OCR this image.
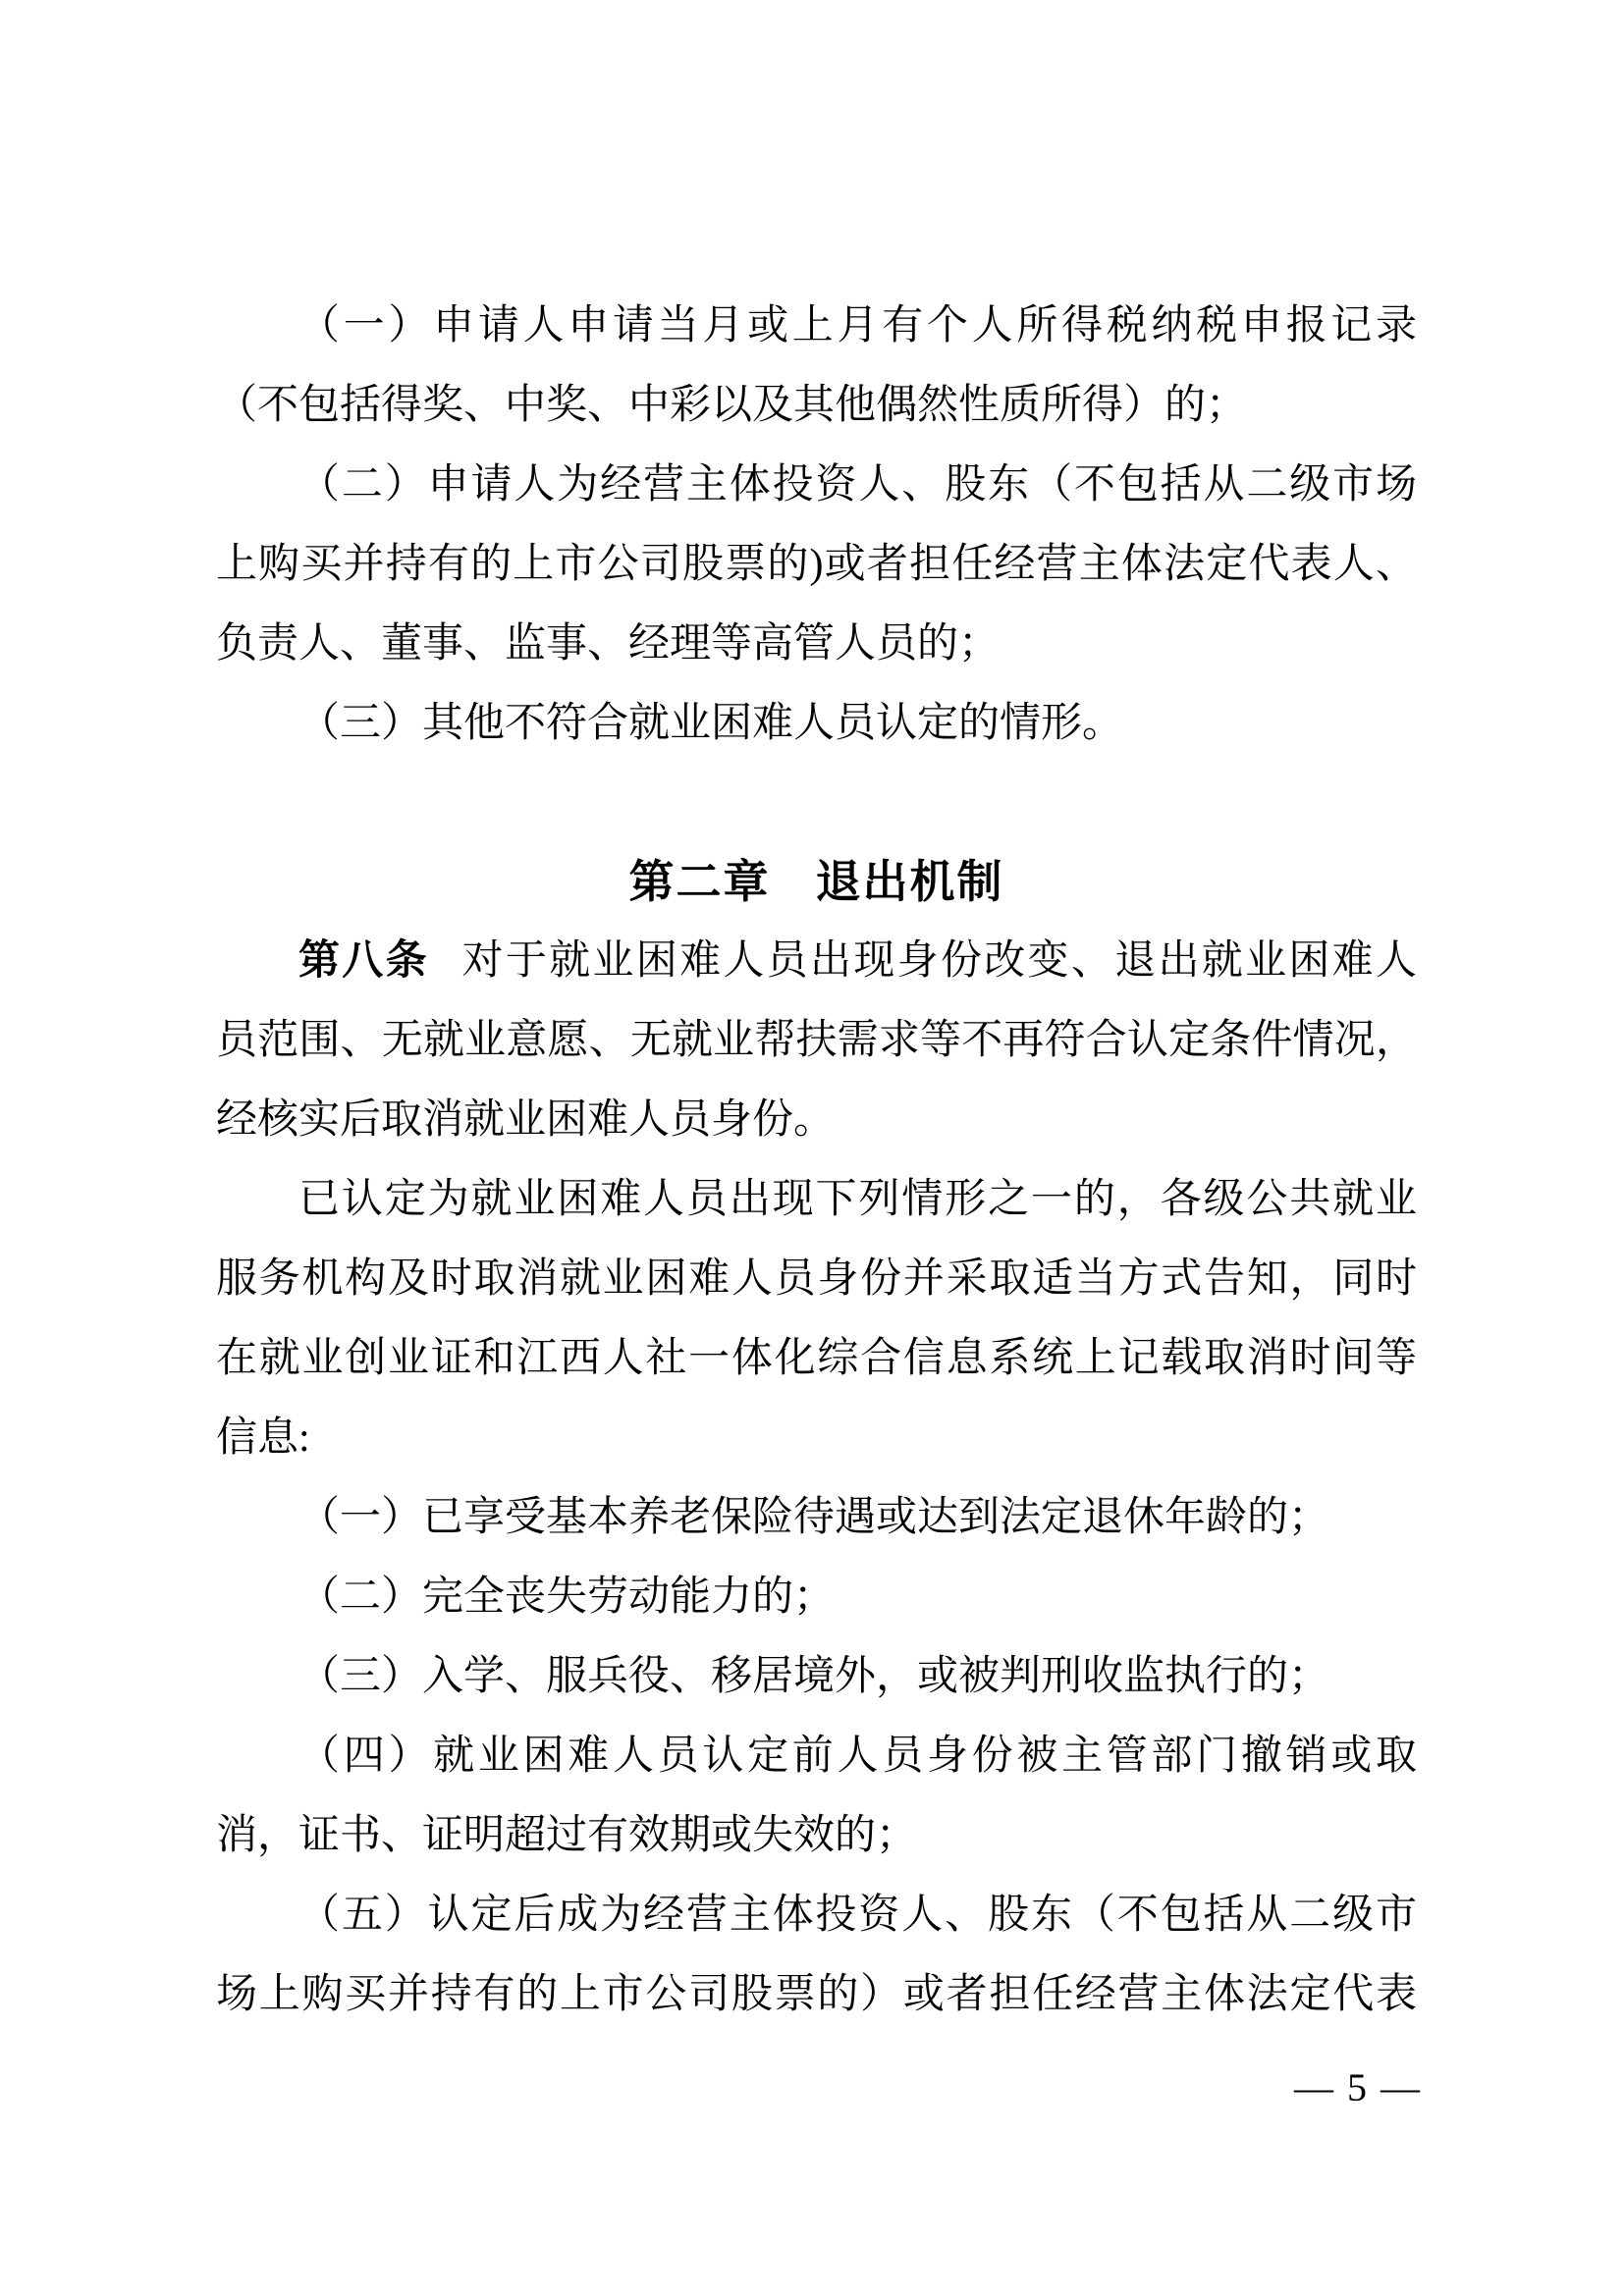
（一）申请人申请当月或上月有个人所得税纳税申报记录

（不包括得奖、中奖、中彩以及其他偶然性质所得）的；

（二）申请人为经营主体投资人、股东（不包括从二级市场

上购买并持有的上市公司股票的)或者担任经营主体法定代表人、

负责人、董事、监事、经理等高管人员的；

（三）其他不符合就业困难人员认定的情形。

第二章 退出机制

第八条 对于就业困难人员出现身份改变、退出就业困难人

员范围、无就业意愿、无就业帮扶需求等不再符合认定条件情况，

经核实后取消就业困难人员身份。

已认定为就业困难人员出现下列情形之一的，各级公共就业

服务机构及时取消就业困难人员身份并采取适当方式告知，同时

在就业创业证和江西人社一体化综合信息系统上记载取消时间等

信息:

（一）已享受基本养老保险待遇或达到法定退休年龄的；

（二）完全丧失劳动能力的；

（三）入学、服兵役、移居境外，或被判刑收监执行的；

（四）就业困难人员认定前人员身份被主管部门撤销或取

消，证书、证明超过有效期或失效的；

（五）认定后成为经营主体投资人、股东（不包括从二级市

场上购买并持有的上市公司股票的）或者担任经营主体法定代表

— 5 —
